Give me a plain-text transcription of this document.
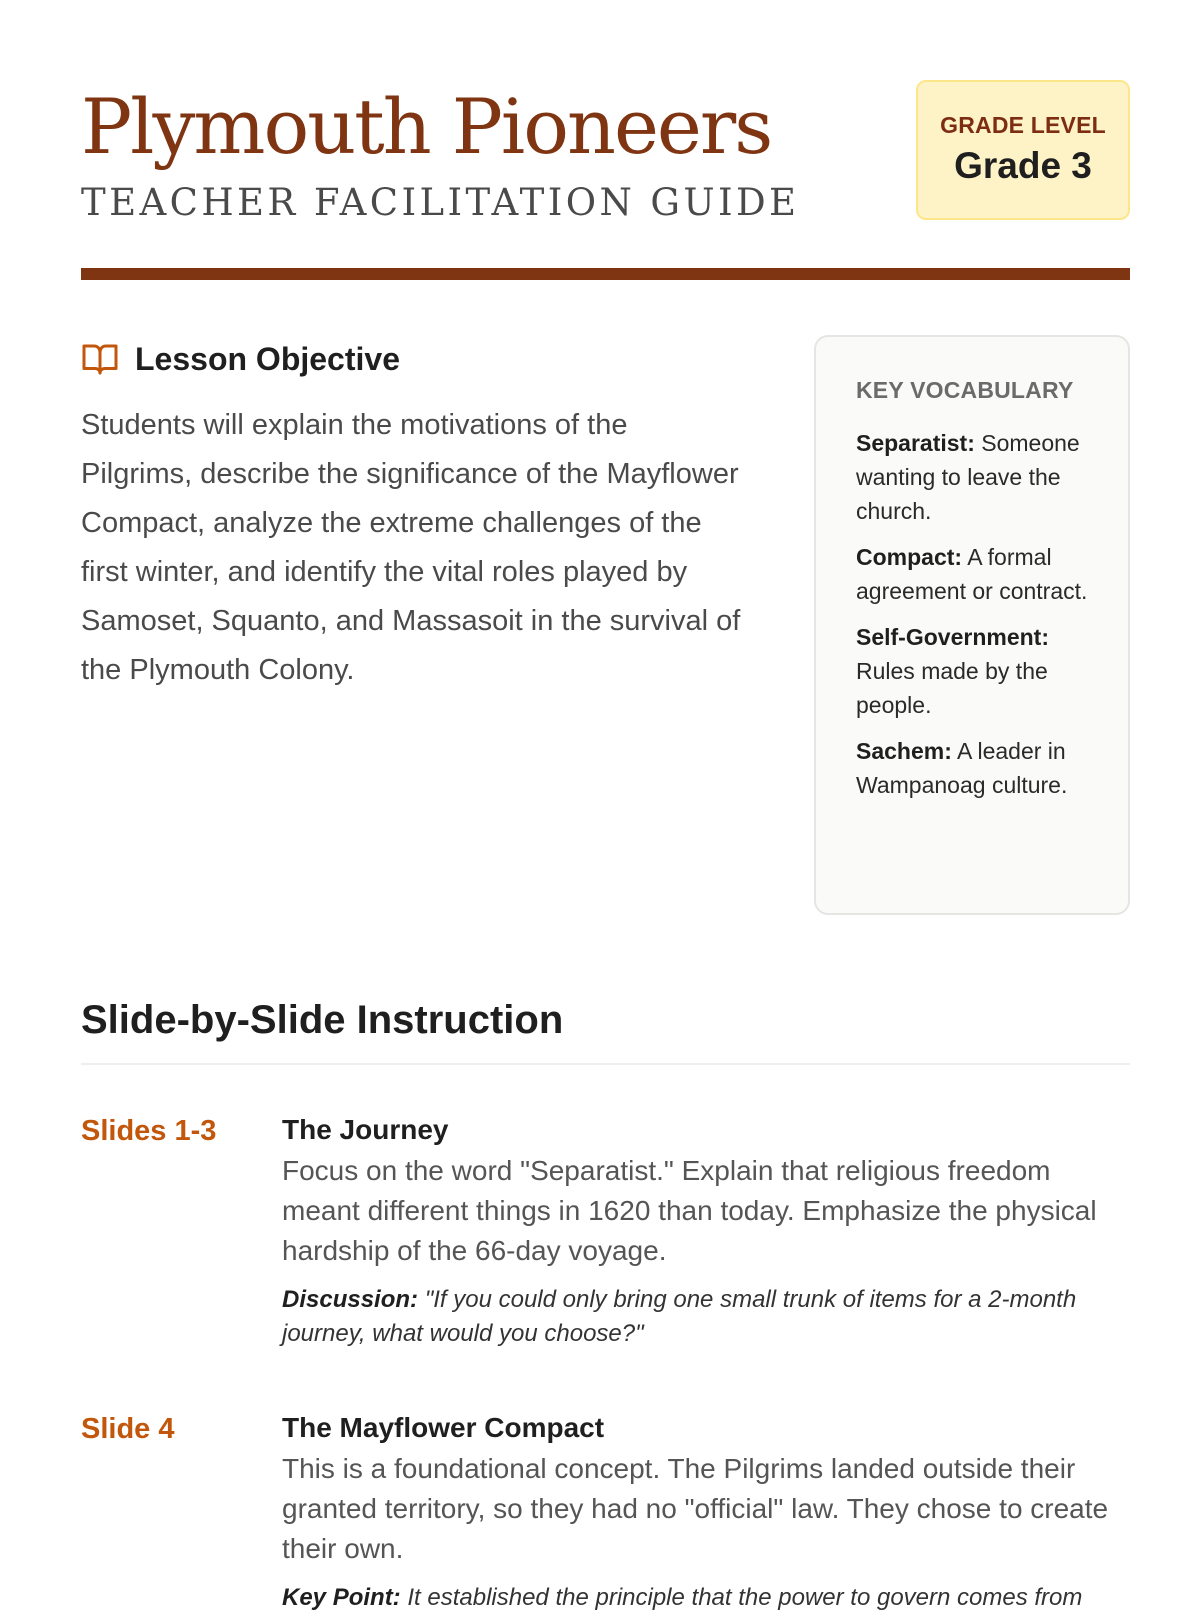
Plymouth Pioneers
TEACHER FACILITATION GUIDE
GRADE LEVEL
Grade 3
Lesson Objective

Students will explain the motivations of the Pilgrims, describe the significance of the Mayflower Compact, analyze the extreme challenges of the first winter, and identify the vital roles played by Samoset, Squanto, and Massasoit in the survival of the Plymouth Colony.

KEY VOCABULARY
Separatist: Someone wanting to leave the church.
Compact: A formal agreement or contract.
Self-Government: Rules made by the people.
Sachem: A leader in Wampanoag culture.
Slide-by-Slide Instruction
Slides 1-3 The Journey
Focus on the word "Separatist." Explain that religious freedom meant different things in 1620 than today. Emphasize the physical hardship of the 66-day voyage.
Discussion: "If you could only bring one small trunk of items for a 2-month journey, what would you choose?"
Slide 4	The Mayflower Compact
This is a foundational concept. The Pilgrims landed outside their granted territory, so they had no "official" law. They chose to create their own.
Key Point: It established the principle that the power to govern comes from
